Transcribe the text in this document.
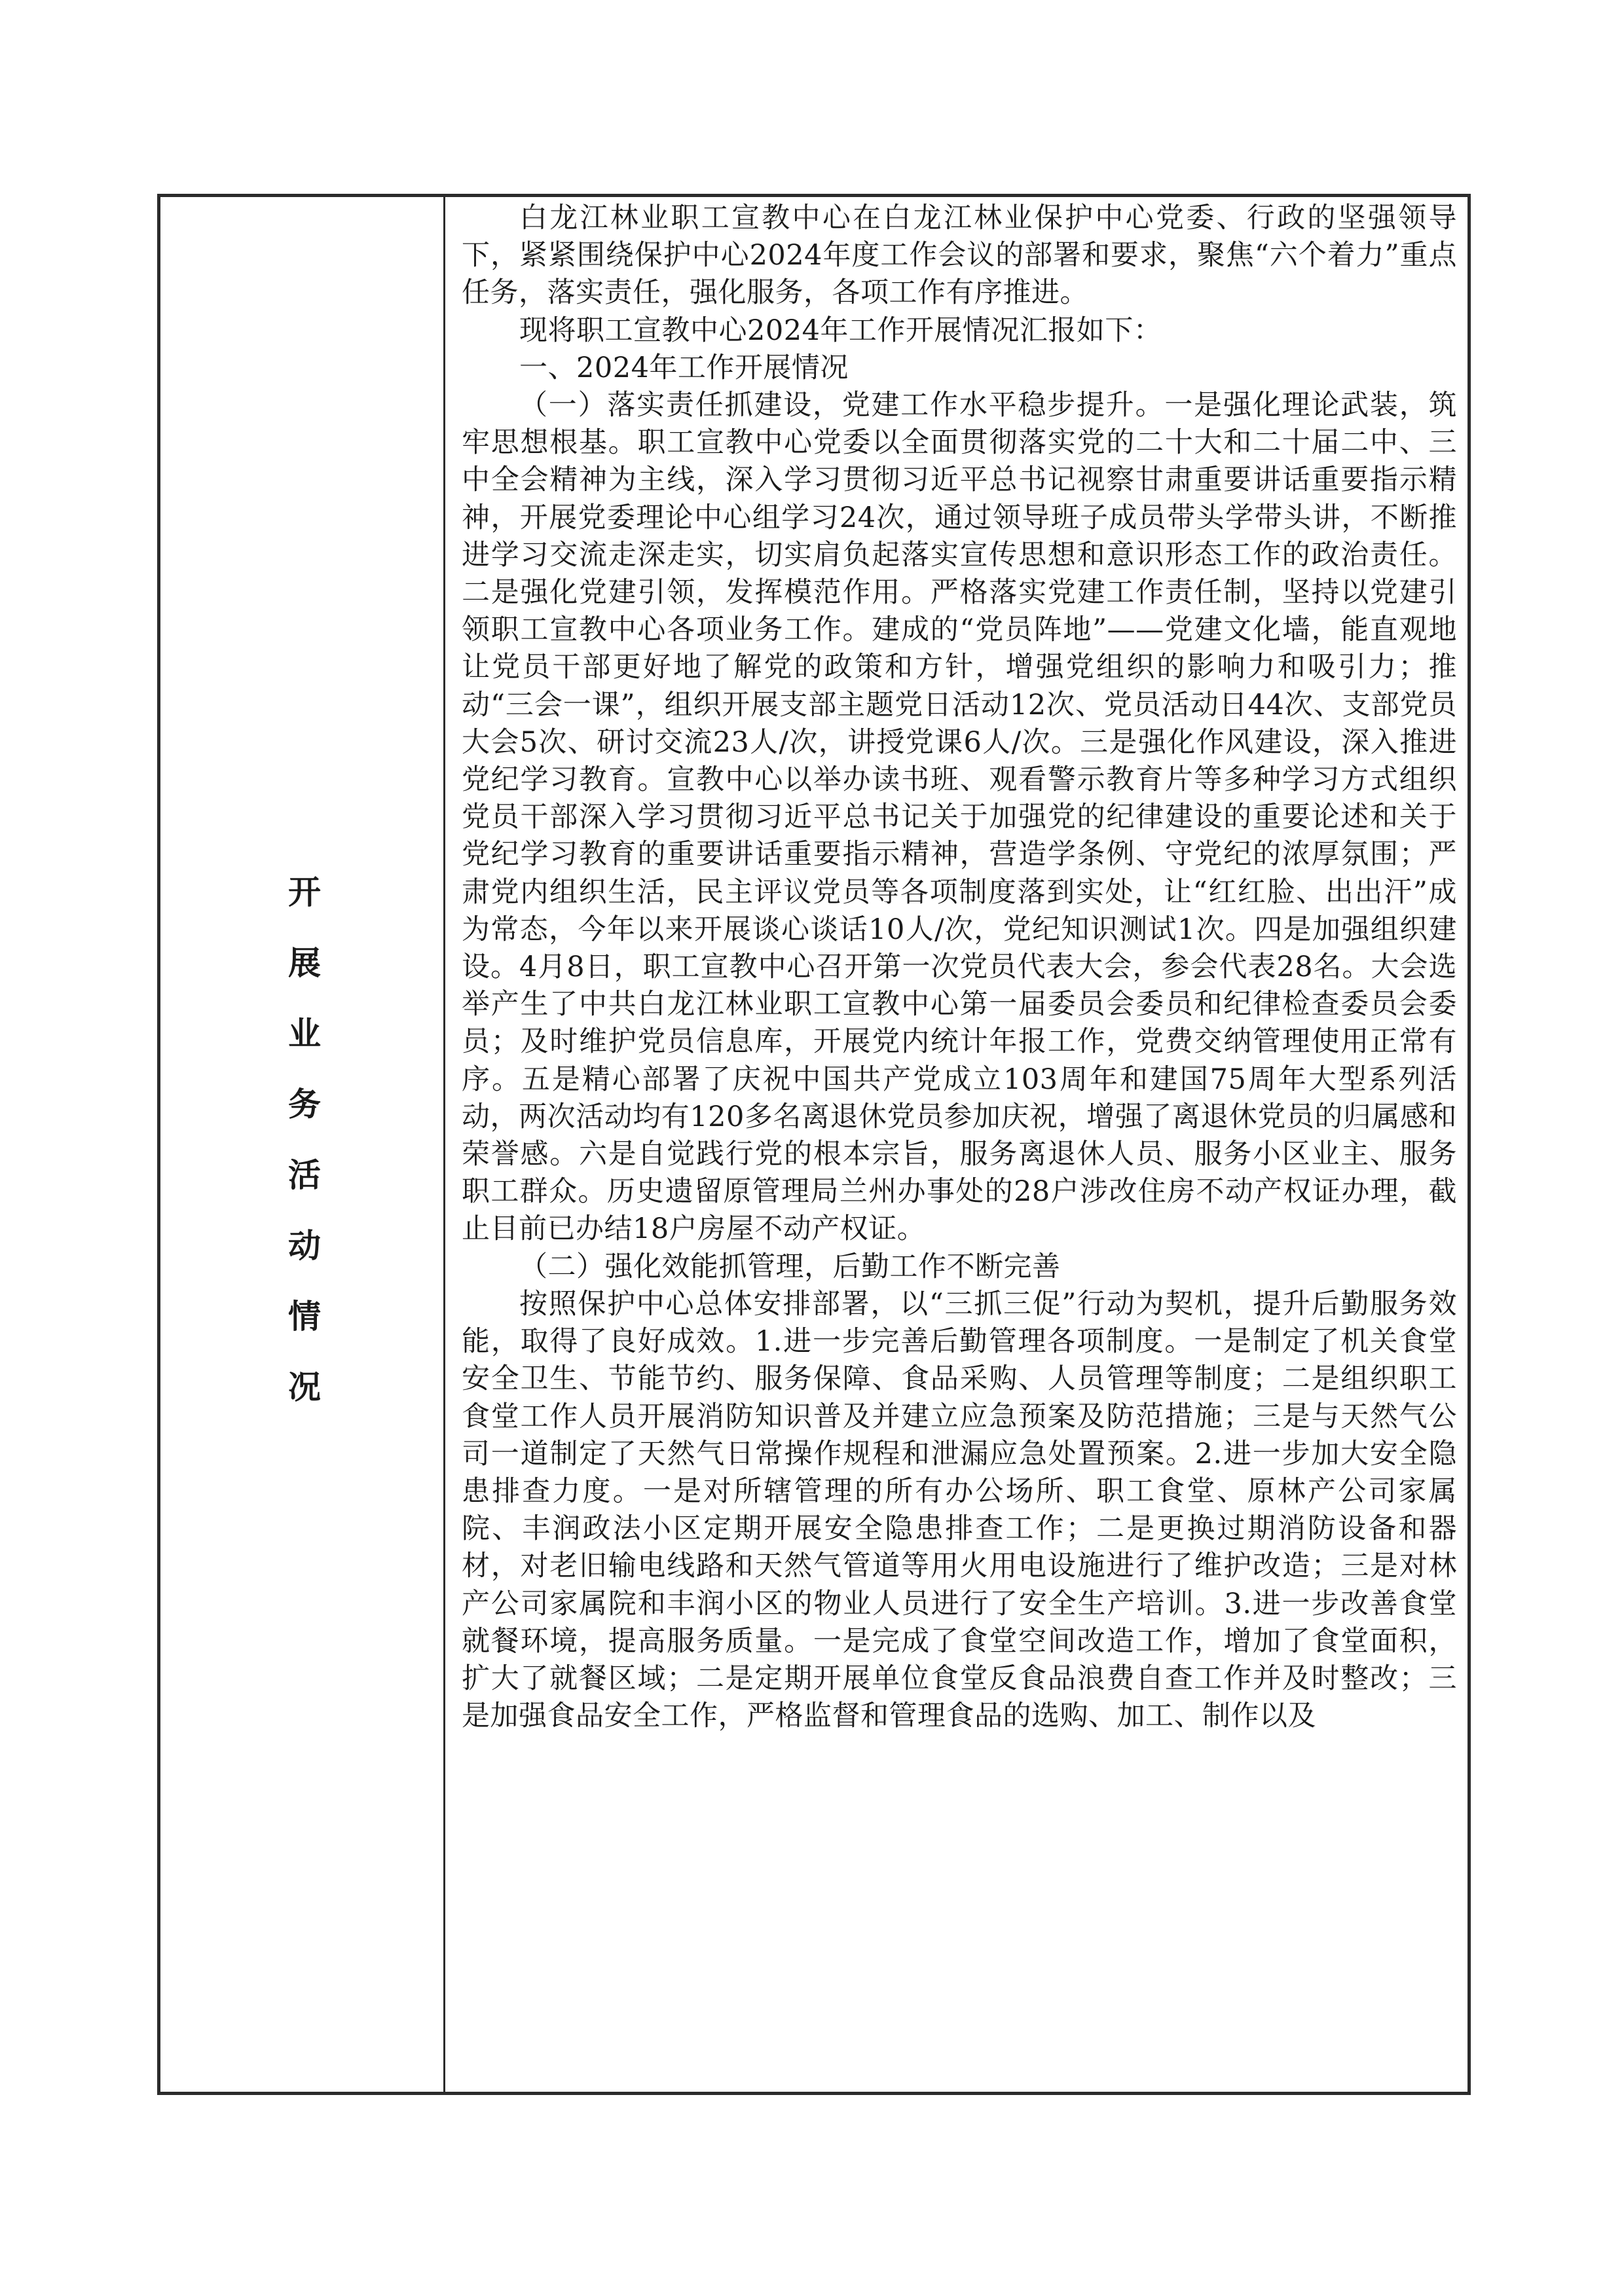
开展业务活动情况

白龙江林业职工宣教中心在白龙江林业保护中心党委、行政的坚强领导下，紧紧围绕保护中心2024年度工作会议的部署和要求，聚焦“六个着力”重点任务，落实责任，强化服务，各项工作有序推进。

现将职工宣教中心2024年工作开展情况汇报如下：

一、2024年工作开展情况

（一）落实责任抓建设，党建工作水平稳步提升。一是强化理论武装，筑牢思想根基。职工宣教中心党委以全面贯彻落实党的二十大和二十届二中、三中全会精神为主线，深入学习贯彻习近平总书记视察甘肃重要讲话重要指示精神，开展党委理论中心组学习24次，通过领导班子成员带头学带头讲，不断推进学习交流走深走实，切实肩负起落实宣传思想和意识形态工作的政治责任。二是强化党建引领，发挥模范作用。严格落实党建工作责任制，坚持以党建引领职工宣教中心各项业务工作。建成的“党员阵地”——党建文化墙，能直观地让党员干部更好地了解党的政策和方针，增强党组织的影响力和吸引力；推动“三会一课”，组织开展支部主题党日活动12次、党员活动日44次、支部党员大会5次、研讨交流23人/次，讲授党课6人/次。三是强化作风建设，深入推进党纪学习教育。宣教中心以举办读书班、观看警示教育片等多种学习方式组织党员干部深入学习贯彻习近平总书记关于加强党的纪律建设的重要论述和关于党纪学习教育的重要讲话重要指示精神，营造学条例、守党纪的浓厚氛围；严肃党内组织生活，民主评议党员等各项制度落到实处，让“红红脸、出出汗”成为常态，今年以来开展谈心谈话10人/次，党纪知识测试1次。四是加强组织建设。4月8日，职工宣教中心召开第一次党员代表大会，参会代表28名。大会选举产生了中共白龙江林业职工宣教中心第一届委员会委员和纪律检查委员会委员；及时维护党员信息库，开展党内统计年报工作，党费交纳管理使用正常有序。五是精心部署了庆祝中国共产党成立103周年和建国75周年大型系列活动，两次活动均有120多名离退休党员参加庆祝，增强了离退休党员的归属感和荣誉感。六是自觉践行党的根本宗旨，服务离退休人员、服务小区业主、服务职工群众。历史遗留原管理局兰州办事处的28户涉改住房不动产权证办理，截止目前已办结18户房屋不动产权证。

（二）强化效能抓管理，后勤工作不断完善

按照保护中心总体安排部署，以“三抓三促”行动为契机，提升后勤服务效能，取得了良好成效。1.进一步完善后勤管理各项制度。一是制定了机关食堂安全卫生、节能节约、服务保障、食品采购、人员管理等制度；二是组织职工食堂工作人员开展消防知识普及并建立应急预案及防范措施；三是与天然气公司一道制定了天然气日常操作规程和泄漏应急处置预案。2.进一步加大安全隐患排查力度。一是对所辖管理的所有办公场所、职工食堂、原林产公司家属院、丰润政法小区定期开展安全隐患排查工作；二是更换过期消防设备和器材，对老旧输电线路和天然气管道等用火用电设施进行了维护改造；三是对林产公司家属院和丰润小区的物业人员进行了安全生产培训。3.进一步改善食堂就餐环境，提高服务质量。一是完成了食堂空间改造工作，增加了食堂面积，扩大了就餐区域；二是定期开展单位食堂反食品浪费自查工作并及时整改；三是加强食品安全工作，严格监督和管理食品的选购、加工、制作以及
